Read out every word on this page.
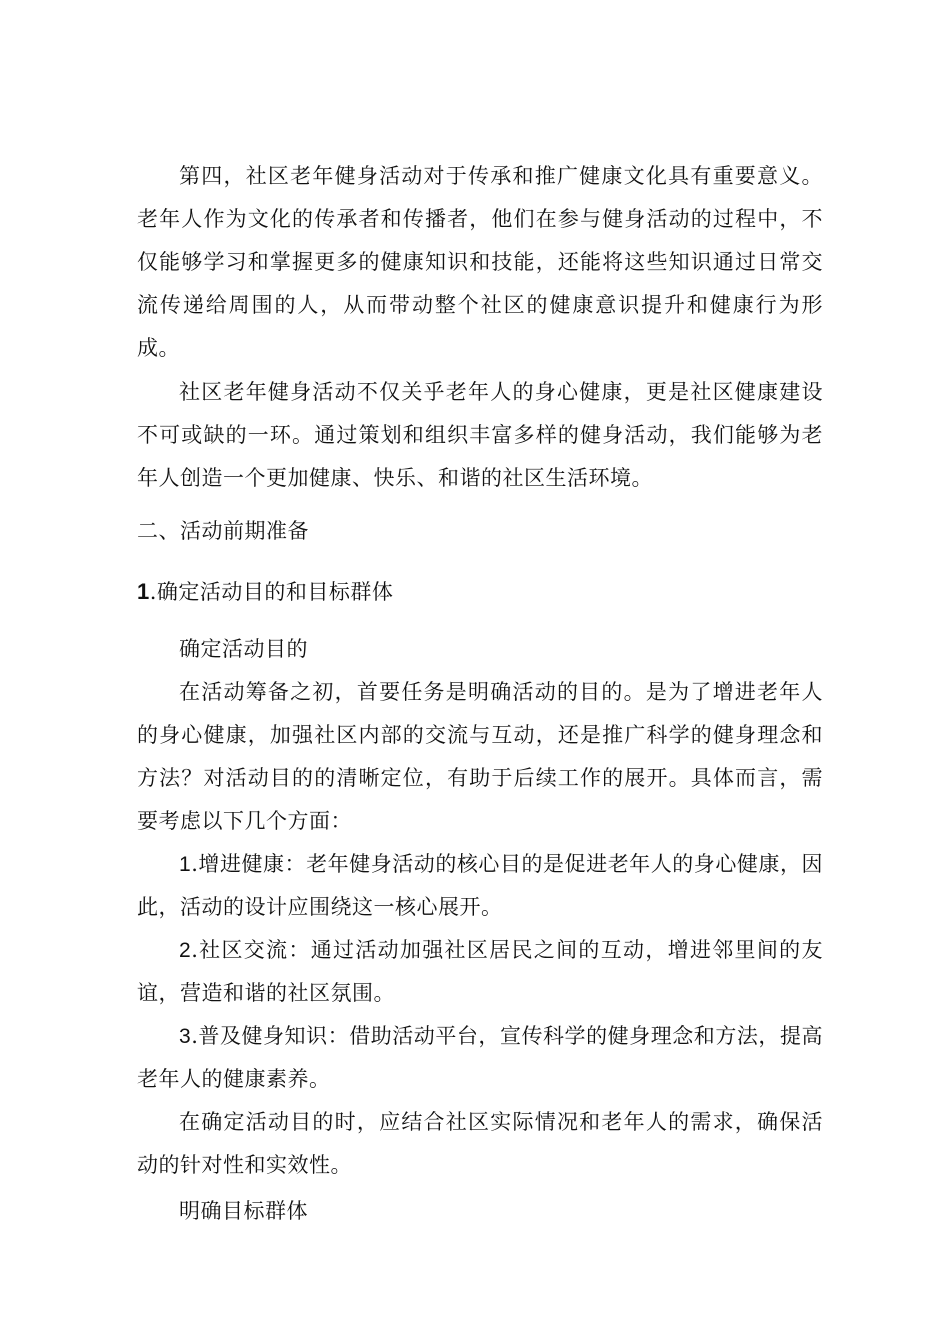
第四，社区老年健身活动对于传承和推广健康文化具有重要意义。老年人作为文化的传承者和传播者，他们在参与健身活动的过程中，不仅能够学习和掌握更多的健康知识和技能，还能将这些知识通过日常交流传递给周围的人，从而带动整个社区的健康意识提升和健康行为形成。

社区老年健身活动不仅关乎老年人的身心健康，更是社区健康建设不可或缺的一环。通过策划和组织丰富多样的健身活动，我们能够为老年人创造一个更加健康、快乐、和谐的社区生活环境。

二、活动前期准备

1.确定活动目的和目标群体

确定活动目的

在活动筹备之初，首要任务是明确活动的目的。是为了增进老年人的身心健康，加强社区内部的交流与互动，还是推广科学的健身理念和方法？对活动目的的清晰定位，有助于后续工作的展开。具体而言，需要考虑以下几个方面：

1.增进健康：老年健身活动的核心目的是促进老年人的身心健康，因此，活动的设计应围绕这一核心展开。

2.社区交流：通过活动加强社区居民之间的互动，增进邻里间的友谊，营造和谐的社区氛围。

3.普及健身知识：借助活动平台，宣传科学的健身理念和方法，提高老年人的健康素养。

在确定活动目的时，应结合社区实际情况和老年人的需求，确保活动的针对性和实效性。

明确目标群体
